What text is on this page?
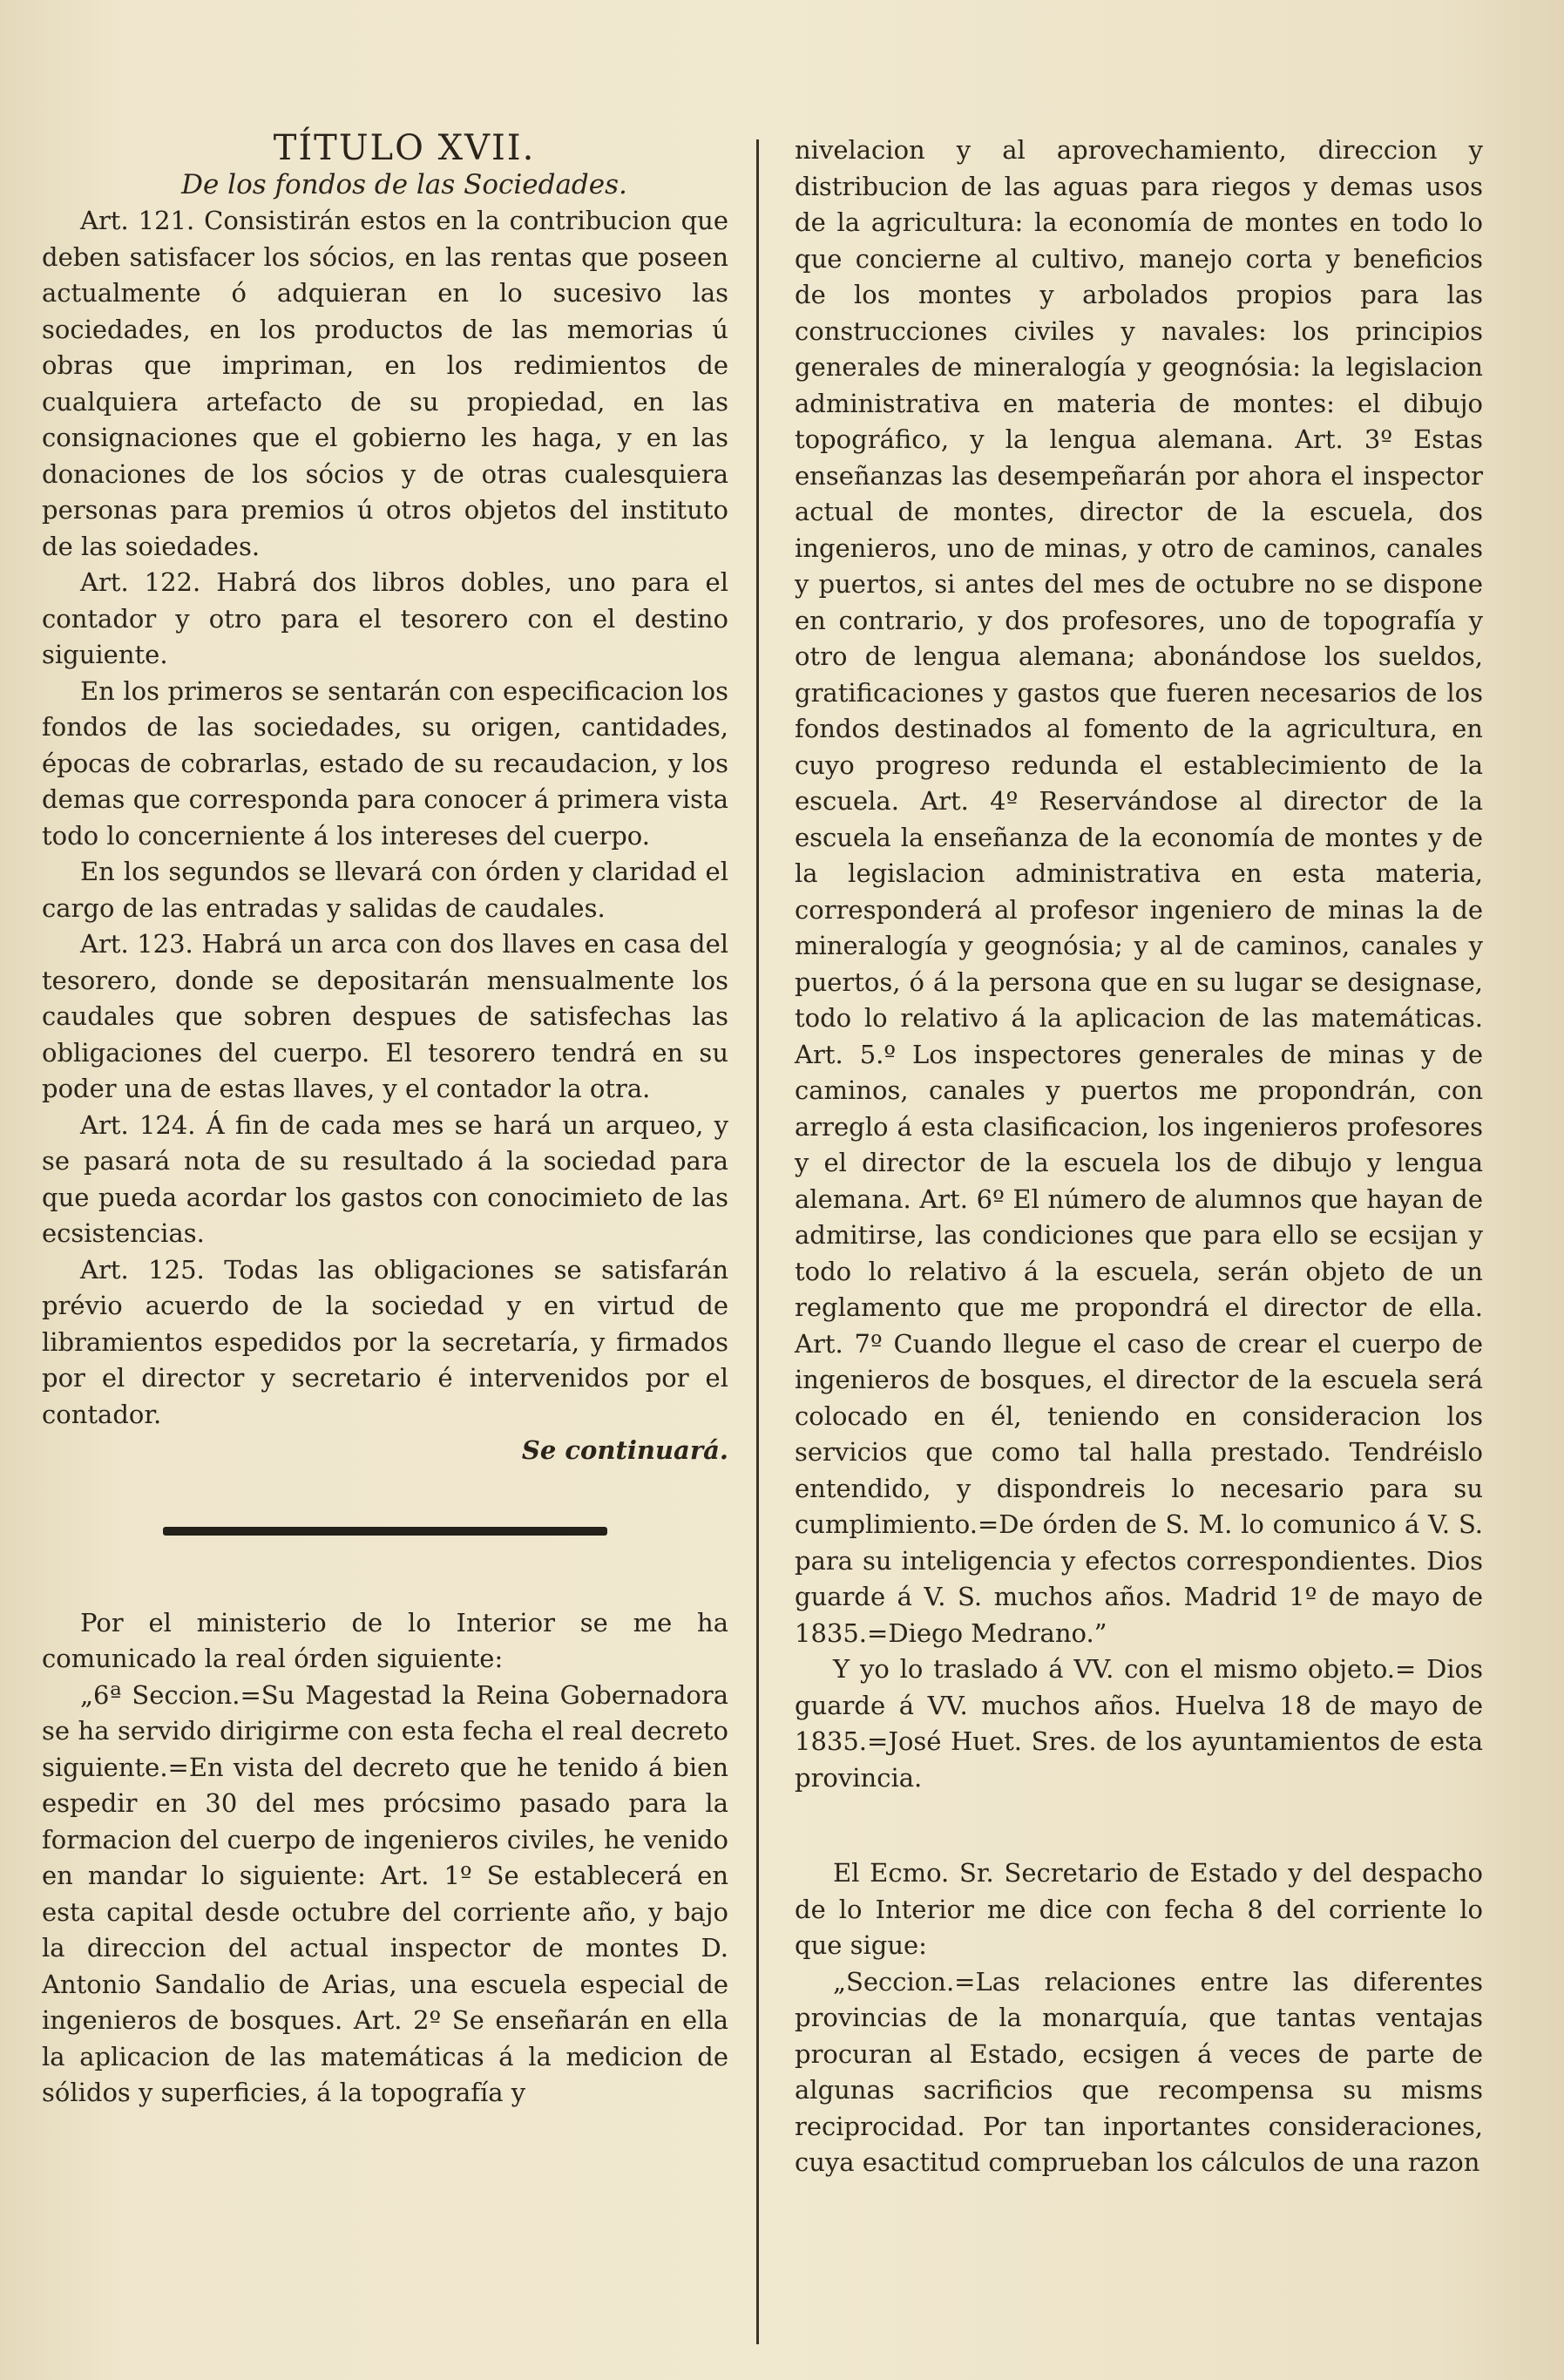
TÍTULO XVII.

De los fondos de las Sociedades.

Art. 121. Consistirán estos en la contribucion que deben satisfacer los sócios, en las rentas que poseen actualmente ó adquieran en lo sucesivo las sociedades, en los productos de las memorias ú obras que impriman, en los redimientos de cualquiera artefacto de su propiedad, en las consignaciones que el gobierno les haga, y en las donaciones de los sócios y de otras cualesquiera personas para premios ú otros objetos del instituto de las soiedades.

Art. 122. Habrá dos libros dobles, uno para el contador y otro para el tesorero con el destino siguiente.

En los primeros se sentarán con especificacion los fondos de las sociedades, su origen, cantidades, épocas de cobrarlas, estado de su recaudacion, y los demas que corresponda para conocer á primera vista todo lo concerniente á los intereses del cuerpo.

En los segundos se llevará con órden y claridad el cargo de las entradas y salidas de caudales.

Art. 123. Habrá un arca con dos llaves en casa del tesorero, donde se depositarán mensualmente los caudales que sobren despues de satisfechas las obligaciones del cuerpo. El tesorero tendrá en su poder una de estas llaves, y el contador la otra.

Art. 124. Á fin de cada mes se hará un arqueo, y se pasará nota de su resultado á la sociedad para que pueda acordar los gastos con conocimieto de las ecsistencias.

Art. 125. Todas las obligaciones se satisfarán prévio acuerdo de la sociedad y en virtud de libramientos espedidos por la secretaría, y firmados por el director y secretario é intervenidos por el contador.

Se continuará.

Por el ministerio de lo Interior se me ha comunicado la real órden siguiente:

„6ª Seccion.=Su Magestad la Reina Gobernadora se ha servido dirigirme con esta fecha el real decreto siguiente.=En vista del decreto que he tenido á bien espedir en 30 del mes prócsimo pasado para la formacion del cuerpo de ingenieros civiles, he venido en mandar lo siguiente: Art. 1º Se establecerá en esta capital desde octubre del corriente año, y bajo la direccion del actual inspector de montes D. Antonio Sandalio de Arias, una escuela especial de ingenieros de bosques. Art. 2º Se enseñarán en ella la aplicacion de las matemáticas á la medicion de sólidos y superficies, á la topografía y

nivelacion y al aprovechamiento, direccion y distribucion de las aguas para riegos y demas usos de la agricultura: la economía de montes en todo lo que concierne al cultivo, manejo corta y beneficios de los montes y arbolados propios para las construcciones civiles y navales: los principios generales de mineralogía y geognósia: la legislacion administrativa en materia de montes: el dibujo topográfico, y la lengua alemana. Art. 3º Estas enseñanzas las desempeñarán por ahora el inspector actual de montes, director de la escuela, dos ingenieros, uno de minas, y otro de caminos, canales y puertos, si antes del mes de octubre no se dispone en contrario, y dos profesores, uno de topografía y otro de lengua alemana; abonándose los sueldos, gratificaciones y gastos que fueren necesarios de los fondos destinados al fomento de la agricultura, en cuyo progreso redunda el establecimiento de la escuela. Art. 4º Reservándose al director de la escuela la enseñanza de la economía de montes y de la legislacion administrativa en esta materia, corresponderá al profesor ingeniero de minas la de mineralogía y geognósia; y al de caminos, canales y puertos, ó á la persona que en su lugar se designase, todo lo relativo á la aplicacion de las matemáticas. Art. 5.º Los inspectores generales de minas y de caminos, canales y puertos me propondrán, con arreglo á esta clasificacion, los ingenieros profesores y el director de la escuela los de dibujo y lengua alemana. Art. 6º El número de alumnos que hayan de admitirse, las condiciones que para ello se ecsijan y todo lo relativo á la escuela, serán objeto de un reglamento que me propondrá el director de ella. Art. 7º Cuando llegue el caso de crear el cuerpo de ingenieros de bosques, el director de la escuela será colocado en él, teniendo en consideracion los servicios que como tal halla prestado. Tendréislo entendido, y dispondreis lo necesario para su cumplimiento.=De órden de S. M. lo comunico á V. S. para su inteligencia y efectos correspondientes. Dios guarde á V. S. muchos años. Madrid 1º de mayo de 1835.=Diego Medrano.”

Y yo lo traslado á VV. con el mismo objeto.= Dios guarde á VV. muchos años. Huelva 18 de mayo de 1835.=José Huet. Sres. de los ayuntamientos de esta provincia.

El Ecmo. Sr. Secretario de Estado y del despacho de lo Interior me dice con fecha 8 del corriente lo que sigue:

„Seccion.=Las relaciones entre las diferentes provincias de la monarquía, que tantas ventajas procuran al Estado, ecsigen á veces de parte de algunas sacrificios que recompensa su misms reciprocidad. Por tan inportantes consideraciones, cuya esactitud comprueban los cálculos de una razon
